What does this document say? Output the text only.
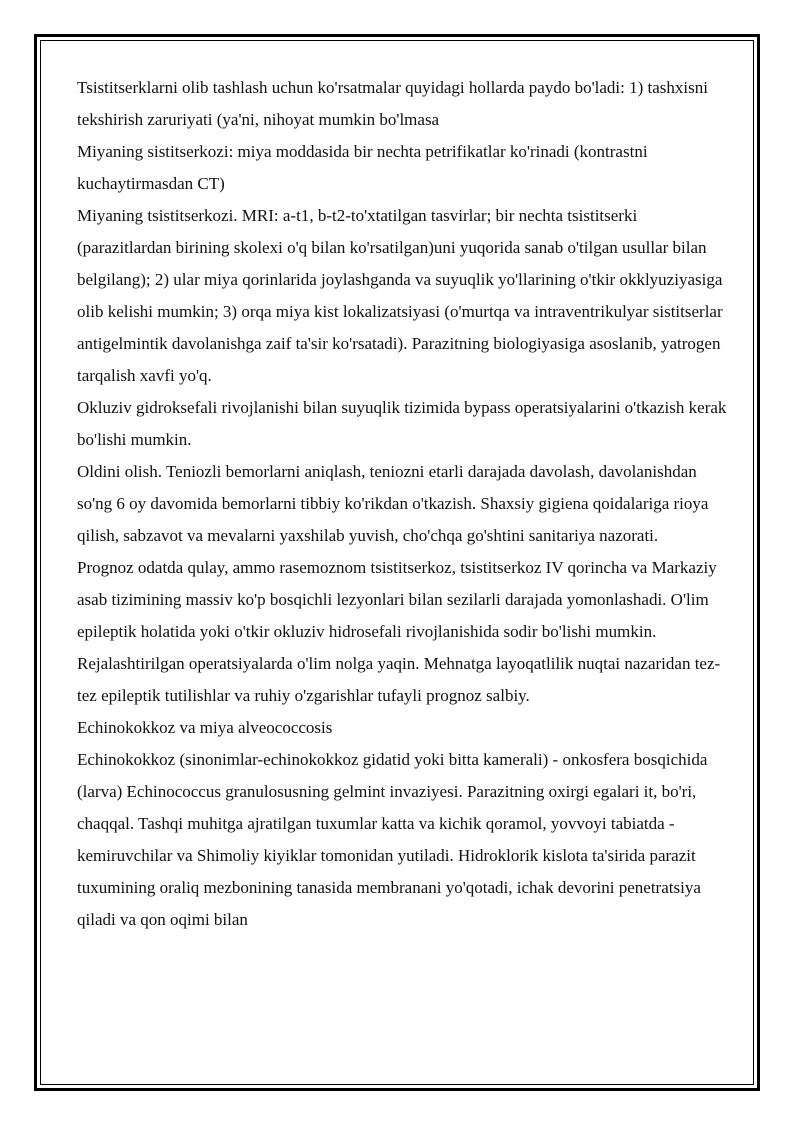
Tsistitserklarni olib tashlash uchun ko'rsatmalar quyidagi hollarda paydo bo'ladi: 1) tashxisni tekshirish zaruriyati (ya'ni, nihoyat mumkin bo'lmasa

Miyaning sistitserkozi: miya moddasida bir nechta petrifikatlar ko'rinadi (kontrastni kuchaytirmasdan CT)

Miyaning tsistitserkozi. MRI: a-t1, b-t2-to'xtatilgan tasvirlar; bir nechta tsistitserki (parazitlardan birining skolexi o'q bilan ko'rsatilgan)uni yuqorida sanab o'tilgan usullar bilan belgilang); 2) ular miya qorinlarida joylashganda va suyuqlik yo'llarining o'tkir okklyuziyasiga olib kelishi mumkin; 3) orqa miya kist lokalizatsiyasi (o'murtqa va intraventrikulyar sistitserlar antigelmintik davolanishga zaif ta'sir ko'rsatadi). Parazitning biologiyasiga asoslanib, yatrogen tarqalish xavfi yo'q.

Okluziv gidroksefali rivojlanishi bilan suyuqlik tizimida bypass operatsiyalarini o'tkazish kerak bo'lishi mumkin.

Oldini olish. Teniozli bemorlarni aniqlash, teniozni etarli darajada davolash, davolanishdan so'ng 6 oy davomida bemorlarni tibbiy ko'rikdan o'tkazish. Shaxsiy gigiena qoidalariga rioya qilish, sabzavot va mevalarni yaxshilab yuvish, cho'chqa go'shtini sanitariya nazorati.

Prognoz odatda qulay, ammo rasemoznom tsistitserkoz, tsistitserkoz IV qorincha va Markaziy asab tizimining massiv ko'p bosqichli lezyonlari bilan sezilarli darajada yomonlashadi. O'lim epileptik holatida yoki o'tkir okluziv hidrosefali rivojlanishida sodir bo'lishi mumkin. Rejalashtirilgan operatsiyalarda o'lim nolga yaqin. Mehnatga layoqatlilik nuqtai nazaridan tez-tez epileptik tutilishlar va ruhiy o'zgarishlar tufayli prognoz salbiy.

Echinokokkoz va miya alveococcosis

Echinokokkoz (sinonimlar-echinokokkoz gidatid yoki bitta kamerali) - onkosfera bosqichida (larva) Echinococcus granulosusning gelmint invaziyesi. Parazitning oxirgi egalari it, bo'ri, chaqqal. Tashqi muhitga ajratilgan tuxumlar katta va kichik qoramol, yovvoyi tabiatda - kemiruvchilar va Shimoliy kiyiklar tomonidan yutiladi. Hidroklorik kislota ta'sirida parazit tuxumining oraliq mezbonining tanasida membranani yo'qotadi, ichak devorini penetratsiya qiladi va qon oqimi bilan
